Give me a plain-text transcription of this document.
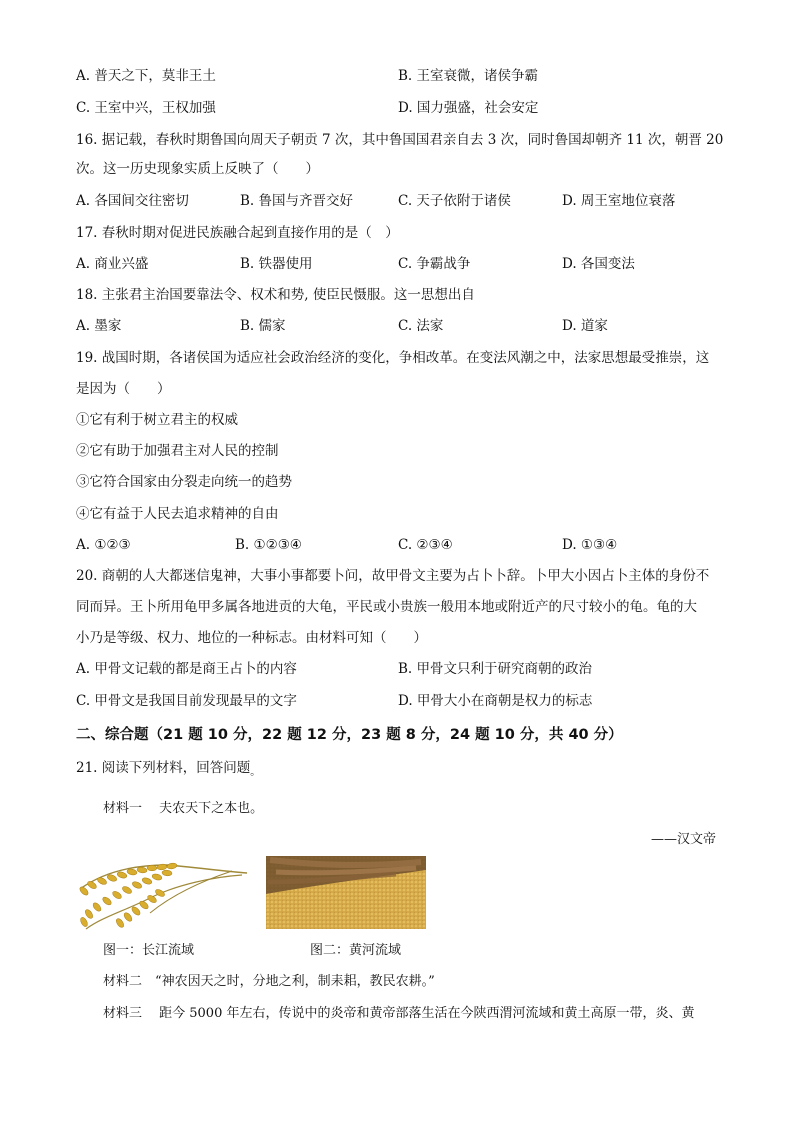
A. 普天之下，莫非王土	B. 王室衰微，诸侯争霸
C. 王室中兴，王权加强	D. 国力强盛，社会安定
16. 据记载，春秋时期鲁国向周天子朝贡 7 次，其中鲁国国君亲自去 3 次，同时鲁国却朝齐 11 次，朝晋 20
次。这一历史现象实质上反映了（　　）
A. 各国间交往密切	B. 鲁国与齐晋交好	C. 天子依附于诸侯	D. 周王室地位衰落
17. 春秋时期对促进民族融合起到直接作用的是（　）
A. 商业兴盛	B. 铁器使用	C. 争霸战争	D. 各国变法
18. 主张君主治国要靠法令、权术和势, 使臣民慑服。这一思想出自
A. 墨家	B. 儒家	C. 法家	D. 道家
19. 战国时期，各诸侯国为适应社会政治经济的变化，争相改革。在变法风潮之中，法家思想最受推崇，这
是因为（　　）
①它有利于树立君主的权威
②它有助于加强君主对人民的控制
③它符合国家由分裂走向统一的趋势
④它有益于人民去追求精神的自由
A. ①②③	B. ①②③④	C. ②③④	D. ①③④
20. 商朝的人大都迷信鬼神，大事小事都要卜问，故甲骨文主要为占卜卜辞。卜甲大小因占卜主体的身份不
同而异。王卜所用龟甲多属各地进贡的大龟，平民或小贵族一般用本地或附近产的尺寸较小的龟。龟的大
小乃是等级、权力、地位的一种标志。由材料可知（　　）
A. 甲骨文记载的都是商王占卜的内容	B. 甲骨文只利于研究商朝的政治
C. 甲骨文是我国目前发现最早的文字	D. 甲骨大小在商朝是权力的标志
二、综合题（21 题 10 分，22 题 12 分，23 题 8 分，24 题 10 分，共 40 分）
21. 阅读下列材料，回答问题$_。$
材料一　 夫农天下之本也。
——汉文帝
图一：长江流域	图二：黄河流域
材料二　“神农因天之时，分地之利，制耒耜，教民农耕。”
材料三　 距今 5000 年左右，传说中的炎帝和黄帝部落生活在今陕西渭河流域和黄土高原一带，炎、黄
